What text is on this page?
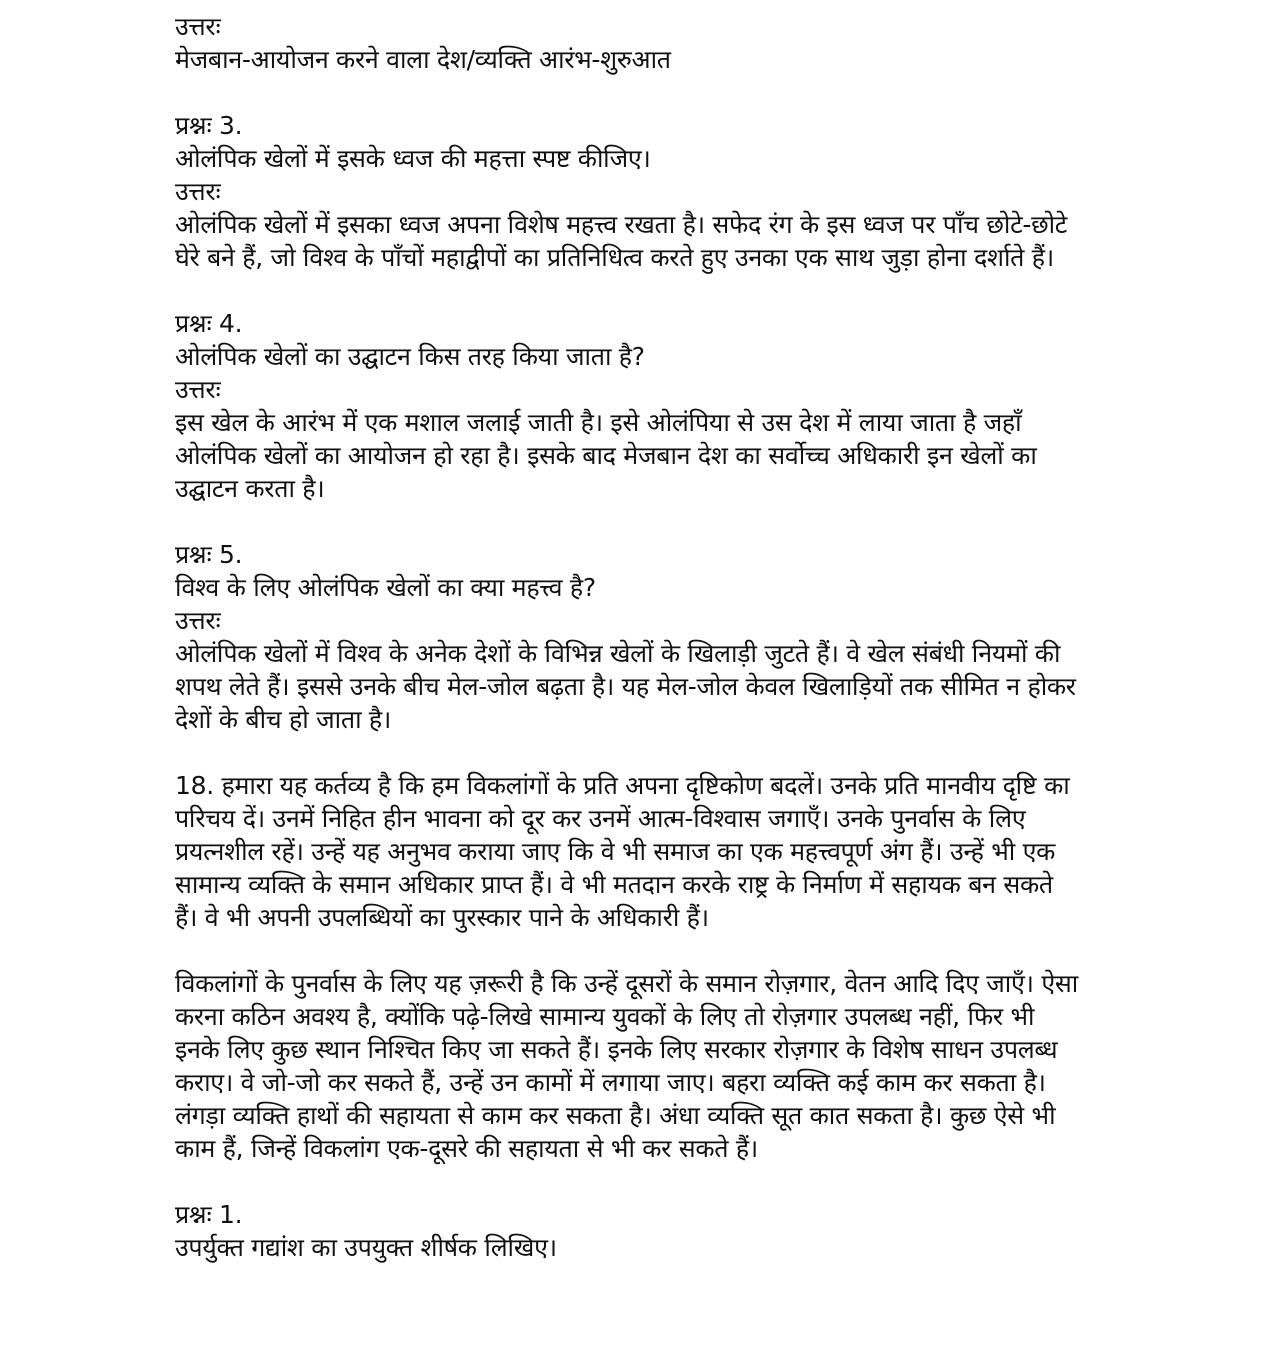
उत्तरः

मेजबान-आयोजन करने वाला देश/व्यक्ति आरंभ-शुरुआत

प्रश्नः 3.

ओलंपिक खेलों में इसके ध्वज की महत्ता स्पष्ट कीजिए।

उत्तरः

ओलंपिक खेलों में इसका ध्वज अपना विशेष महत्त्व रखता है। सफेद रंग के इस ध्वज पर पाँच छोटे-छोटे

घेरे बने हैं, जो विश्व के पाँचों महाद्वीपों का प्रतिनिधित्व करते हुए उनका एक साथ जुड़ा होना दर्शाते हैं।

प्रश्नः 4.

ओलंपिक खेलों का उद्घाटन किस तरह किया जाता है?

उत्तरः

इस खेल के आरंभ में एक मशाल जलाई जाती है। इसे ओलंपिया से उस देश में लाया जाता है जहाँ

ओलंपिक खेलों का आयोजन हो रहा है। इसके बाद मेजबान देश का सर्वोच्च अधिकारी इन खेलों का

उद्घाटन करता है।

प्रश्नः 5.

विश्व के लिए ओलंपिक खेलों का क्या महत्त्व है?

उत्तरः

ओलंपिक खेलों में विश्व के अनेक देशों के विभिन्न खेलों के खिलाड़ी जुटते हैं। वे खेल संबंधी नियमों की

शपथ लेते हैं। इससे उनके बीच मेल-जोल बढ़ता है। यह मेल-जोल केवल खिलाड़ियों तक सीमित न होकर

देशों के बीच हो जाता है।

18. हमारा यह कर्तव्य है कि हम विकलांगों के प्रति अपना दृष्टिकोण बदलें। उनके प्रति मानवीय दृष्टि का

परिचय दें। उनमें निहित हीन भावना को दूर कर उनमें आत्म-विश्वास जगाएँ। उनके पुनर्वास के लिए

प्रयत्नशील रहें। उन्हें यह अनुभव कराया जाए कि वे भी समाज का एक महत्त्वपूर्ण अंग हैं। उन्हें भी एक

सामान्य व्यक्ति के समान अधिकार प्राप्त हैं। वे भी मतदान करके राष्ट्र के निर्माण में सहायक बन सकते

हैं। वे भी अपनी उपलब्धियों का पुरस्कार पाने के अधिकारी हैं।

विकलांगों के पुनर्वास के लिए यह ज़रूरी है कि उन्हें दूसरों के समान रोज़गार, वेतन आदि दिए जाएँ। ऐसा

करना कठिन अवश्य है, क्योंकि पढ़े-लिखे सामान्य युवकों के लिए तो रोज़गार उपलब्ध नहीं, फिर भी

इनके लिए कुछ स्थान निश्चित किए जा सकते हैं। इनके लिए सरकार रोज़गार के विशेष साधन उपलब्ध

कराए। वे जो-जो कर सकते हैं, उन्हें उन कामों में लगाया जाए। बहरा व्यक्ति कई काम कर सकता है।

लंगड़ा व्यक्ति हाथों की सहायता से काम कर सकता है। अंधा व्यक्ति सूत कात सकता है। कुछ ऐसे भी

काम हैं, जिन्हें विकलांग एक-दूसरे की सहायता से भी कर सकते हैं।

प्रश्नः 1.

उपर्युक्त गद्यांश का उपयुक्त शीर्षक लिखिए।
